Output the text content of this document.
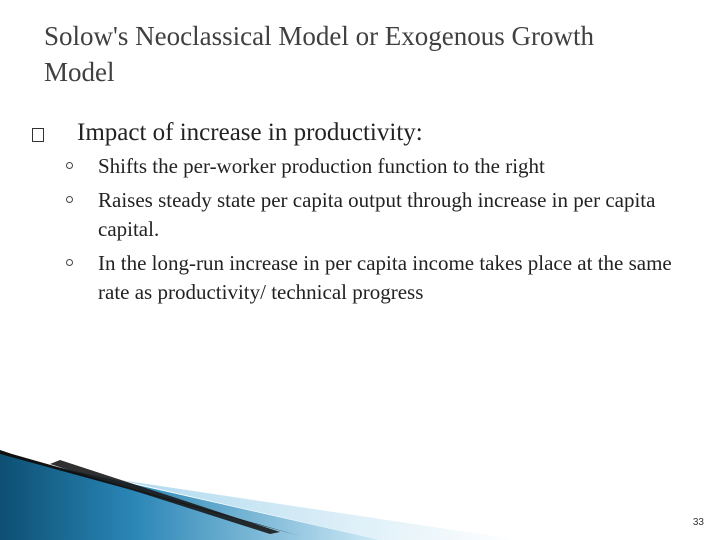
Solow's Neoclassical Model or Exogenous Growth Model
Impact of increase in productivity:
Shifts the per-worker production function to the right
Raises steady state per capita output through increase in per capita capital.
In the long-run increase in per capita income takes place at the same rate as productivity/ technical progress
33
